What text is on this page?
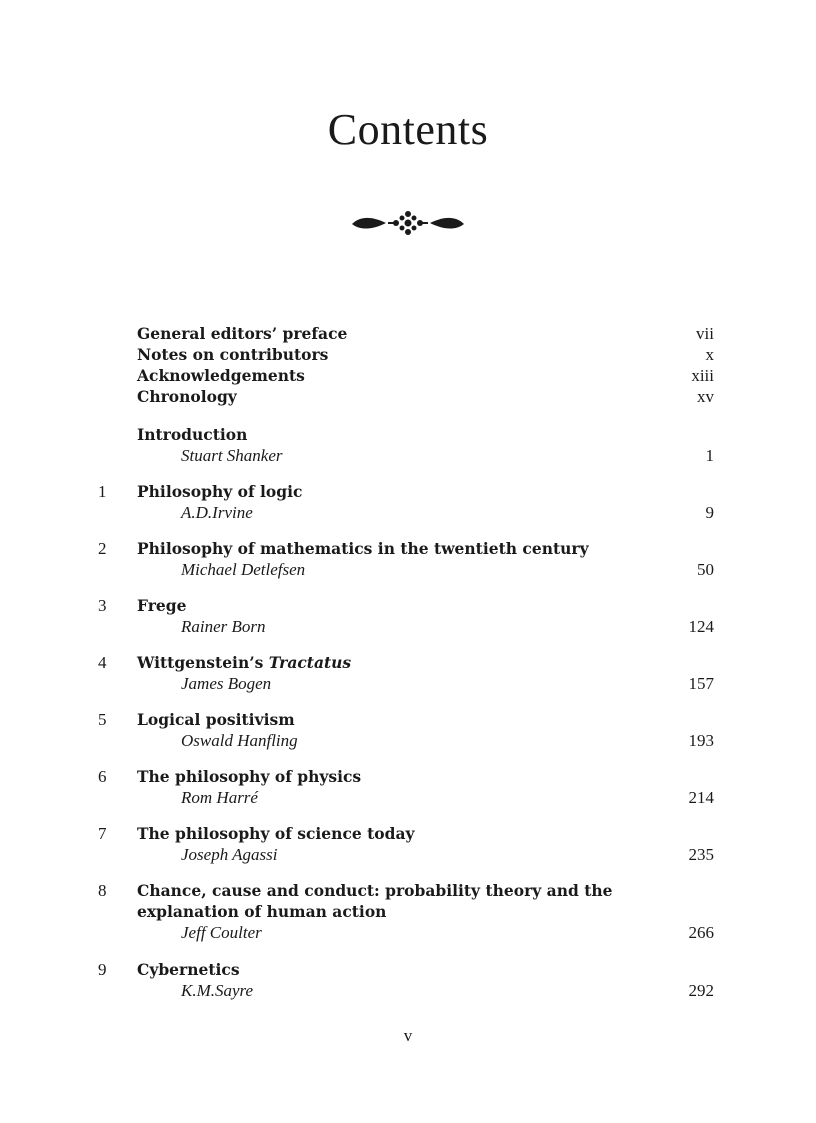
Contents
General editors’ preface	vii
Notes on contributors	x
Acknowledgements	xiii
Chronology	xv
Introduction
Stuart Shanker	1
1	Philosophy of logic
A.D.Irvine	9
2	Philosophy of mathematics in the twentieth century
Michael Detlefsen	50
3	Frege
Rainer Born	124
4	Wittgenstein’s Tractatus
James Bogen	157
5	Logical positivism
Oswald Hanfling	193
6	The philosophy of physics
Rom Harré	214
7	The philosophy of science today
Joseph Agassi	235
8	Chance, cause and conduct: probability theory and the
explanation of human action
Jeff Coulter	266
9	Cybernetics
K.M.Sayre	292
v
